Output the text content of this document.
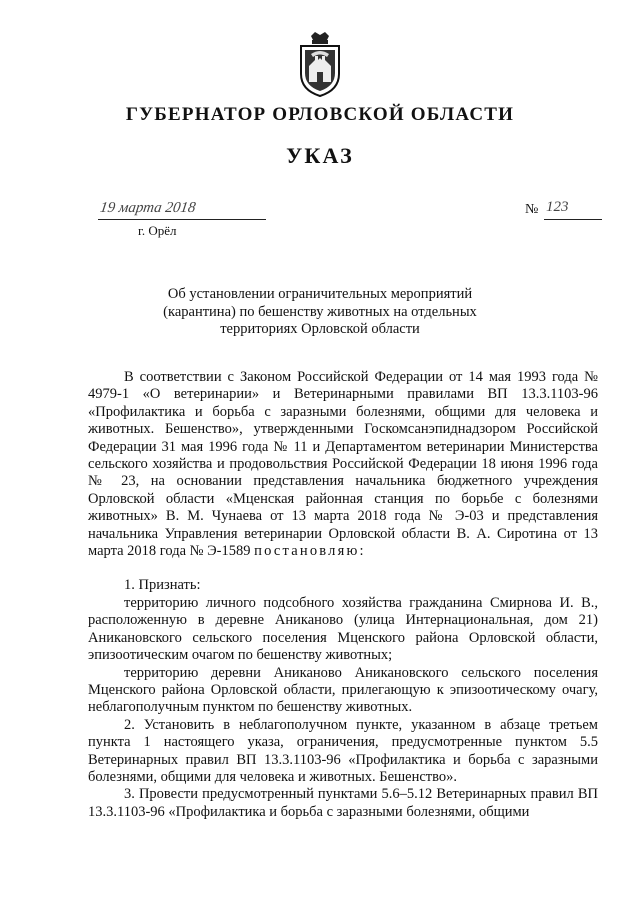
ГУБЕРНАТОР ОРЛОВСКОЙ ОБЛАСТИ
УКАЗ
19 марта 2018
г. Орёл
№ 123
Об установлении ограничительных мероприятий (карантина) по бешенству животных на отдельных территориях Орловской области

В соответствии с Законом Российской Федерации от 14 мая 1993 года № 4979-1 «О ветеринарии» и Ветеринарными правилами ВП 13.3.1103-96 «Профилактика и борьба с заразными болезнями, общими для человека и животных. Бешенство», утвержденными Госкомсанэпиднадзором Российской Федерации 31 мая 1996 года № 11 и Департаментом ветеринарии Министерства сельского хозяйства и продовольствия Российской Федерации 18 июня 1996 года № 23, на основании представления начальника бюджетного учреждения Орловской области «Мценская районная станция по борьбе с болезнями животных» В. М. Чунаева от 13 марта 2018 года № Э-03 и представления начальника Управления ветеринарии Орловской области В. А. Сиротина от 13 марта 2018 года № Э-1589 постановляю:

1. Признать:

территорию личного подсобного хозяйства гражданина Смирнова И. В., расположенную в деревне Аниканово (улица Интернациональная, дом 21) Аникановского сельского поселения Мценского района Орловской области, эпизоотическим очагом по бешенству животных;

территорию деревни Аниканово Аникановского сельского поселения Мценского района Орловской области, прилегающую к эпизоотическому очагу, неблагополучным пунктом по бешенству животных.

2. Установить в неблагополучном пункте, указанном в абзаце третьем пункта 1 настоящего указа, ограничения, предусмотренные пунктом 5.5 Ветеринарных правил ВП 13.3.1103-96 «Профилактика и борьба с заразными болезнями, общими для человека и животных. Бешенство».

3. Провести предусмотренный пунктами 5.6–5.12 Ветеринарных правил ВП 13.3.1103-96 «Профилактика и борьба с заразными болезнями, общими
